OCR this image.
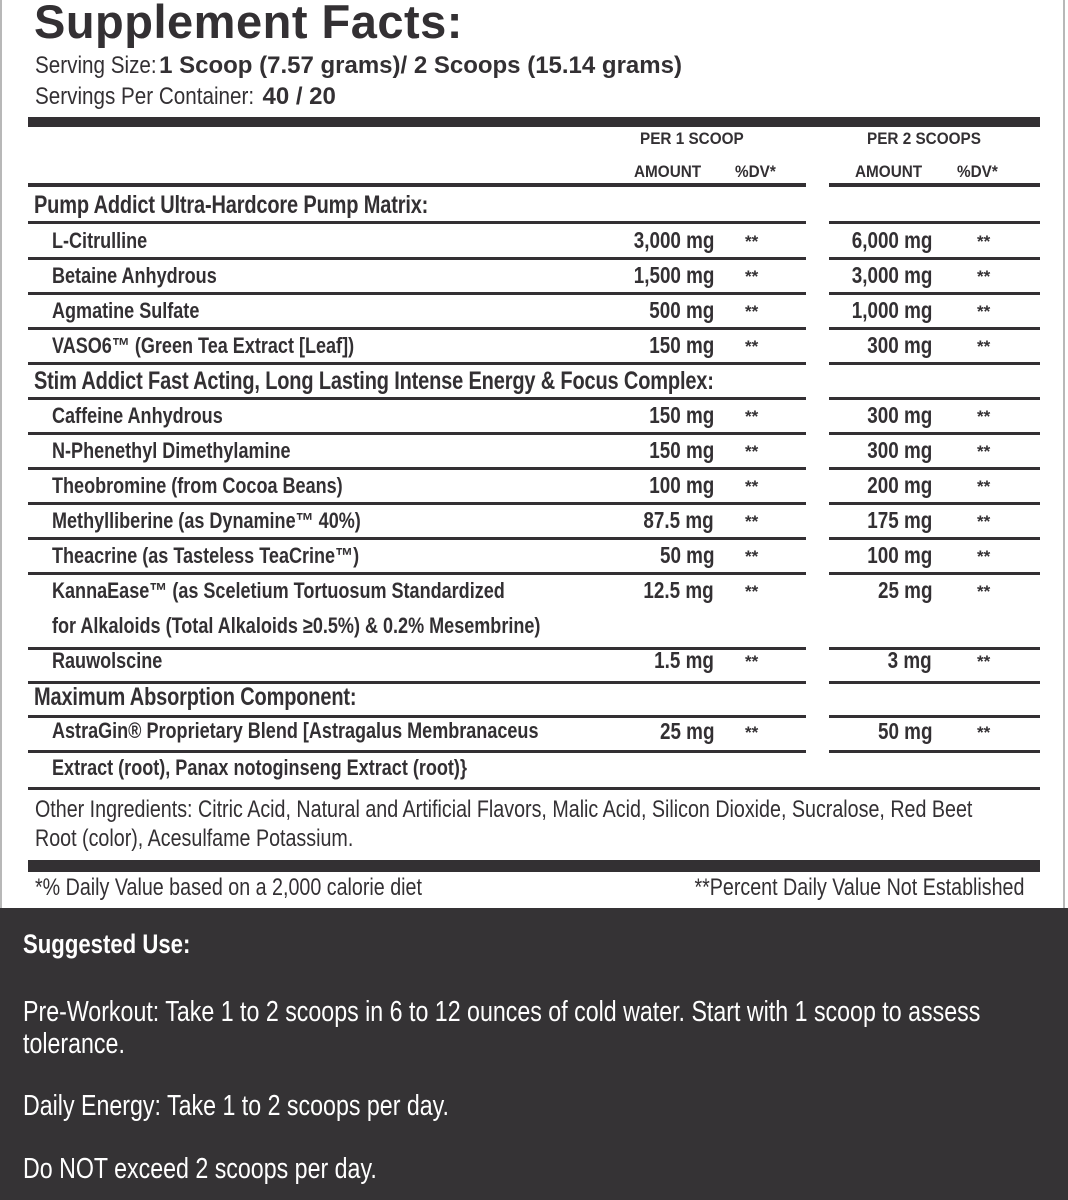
Supplement Facts:
Serving Size: 1 Scoop (7.57 grams)/ 2 Scoops (15.14 grams)
Servings Per Container: 40 / 20
PER 1 SCOOP
AMOUNT %DV*
PER 2 SCOOPS
AMOUNT %DV*
Pump Addict Ultra-Hardcore Pump Matrix:
L-Citrulline	3,000 mg **	6,000 mg	**
Betaine Anhydrous	1,500 mg **	3,000 mg	**
Agmatine Sulfate	500 mg **	1,000 mg	**
VASO6™ (Green Tea Extract [Leaf])	150 mg **	300 mg	**
Stim Addict Fast Acting, Long Lasting Intense Energy & Focus Complex:
Caffeine Anhydrous	150 mg **	300 mg	**
N-Phenethyl Dimethylamine	150 mg **	300 mg	**
Theobromine (from Cocoa Beans)	100 mg **	200 mg	**
Methylliberine (as Dynamine™ 40%)	87.5 mg **	175 mg	**
Theacrine (as Tasteless TeaCrine™)	50 mg **	100 mg	**
KannaEase™ (as Sceletium Tortuosum Standardized
for Alkaloids (Total Alkaloids ≥0.5%) & 0.2% Mesembrine)
12.5 mg **	25 mg	**
Rauwolscine	1.5 mg **	3 mg	**
Maximum Absorption Component:
AstraGin® Proprietary Blend [Astragalus Membranaceus	25 mg **	50 mg	**
Extract (root), Panax notoginseng Extract (root)}
Other Ingredients: Citric Acid, Natural and Artificial Flavors, Malic Acid, Silicon Dioxide, Sucralose, Red Beet Root (color), Acesulfame Potassium.
*% Daily Value based on a 2,000 calorie diet	**Percent Daily Value Not Established
Suggested Use:
Pre-Workout: Take 1 to 2 scoops in 6 to 12 ounces of cold water. Start with 1 scoop to assess tolerance.
Daily Energy: Take 1 to 2 scoops per day.
Do NOT exceed 2 scoops per day.
